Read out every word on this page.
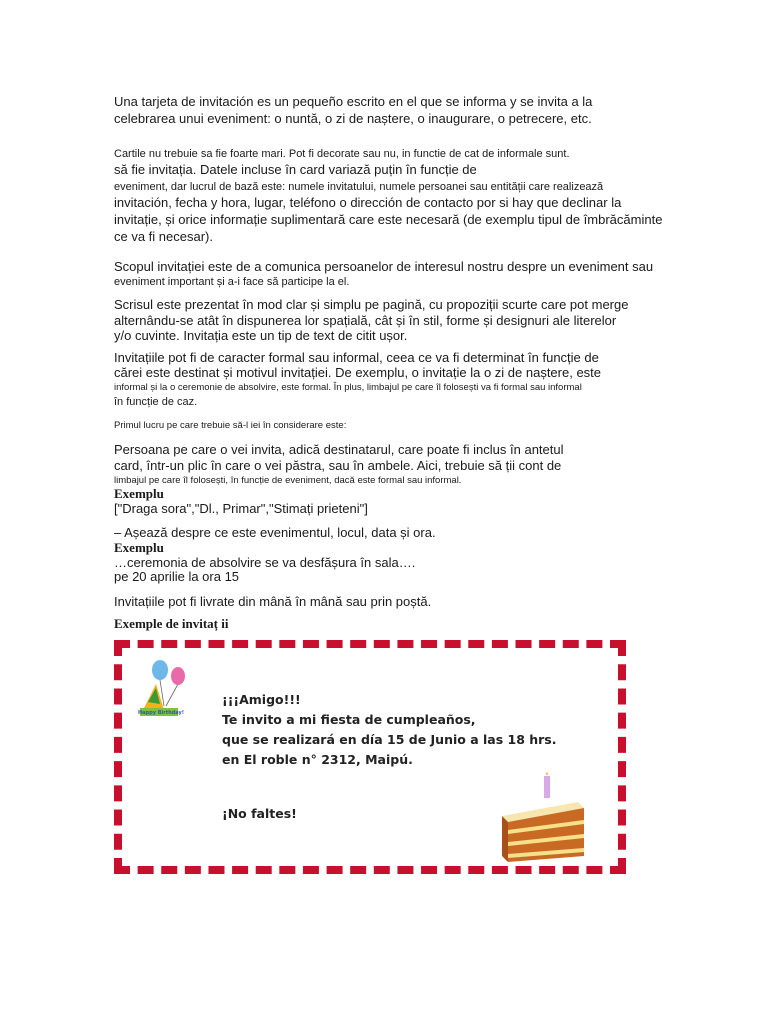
Una tarjeta de invitación es un pequeño escrito en el que se informa y se invita a la
celebrarea unui eveniment: o nuntă, o zi de naștere, o inaugurare, o petrecere, etc.
Cartile nu trebuie sa fie foarte mari. Pot fi decorate sau nu, in functie de cat de informale sunt.
să fie invitația. Datele incluse în card variază puțin în funcție de
eveniment, dar lucrul de bază este: numele invitatului, numele persoanei sau entității care realizează
invitación, fecha y hora, lugar, teléfono o dirección de contacto por si hay que declinar la
invitație, și orice informație suplimentară care este necesară (de exemplu tipul de îmbrăcăminte
ce va fi necesar).
Scopul invitației este de a comunica persoanelor de interesul nostru despre un eveniment sau
eveniment important și a-i face să participe la el.
Scrisul este prezentat în mod clar și simplu pe pagină, cu propoziții scurte care pot merge
alternându-se atât în dispunerea lor spațială, cât și în stil, forme și designuri ale literelor
y/o cuvinte. Invitația este un tip de text de citit ușor.
Invitațiile pot fi de caracter formal sau informal, ceea ce va fi determinat în funcție de
cărei este destinat și motivul invitației. De exemplu, o invitație la o zi de naștere, este
informal și la o ceremonie de absolvire, este formal. În plus, limbajul pe care îl folosești va fi formal sau informal
în funcție de caz.
Primul lucru pe care trebuie să-l iei în considerare este:
Persoana pe care o vei invita, adică destinatarul, care poate fi inclus în antetul
card, într-un plic în care o vei păstra, sau în ambele. Aici, trebuie să ții cont de
limbajul pe care îl folosești, în funcție de eveniment, dacă este formal sau informal.
Exemplu
["Draga sora","Dl., Primar","Stimați prieteni"]
– Așează despre ce este evenimentul, locul, data și ora.
Exemplu
…ceremonia de absolvire se va desfășura în sala….
pe 20 aprilie la ora 15
Invitațiile pot fi livrate din mână în mână sau prin poștă.
Exemple de invitaț ii
Happy Birthday!
¡¡¡Amigo!!!
Te invito a mi fiesta de cumpleaños,
que se realizará en día 15 de Junio a las 18 hrs.
en El roble n° 2312, Maipú.
¡No faltes!
